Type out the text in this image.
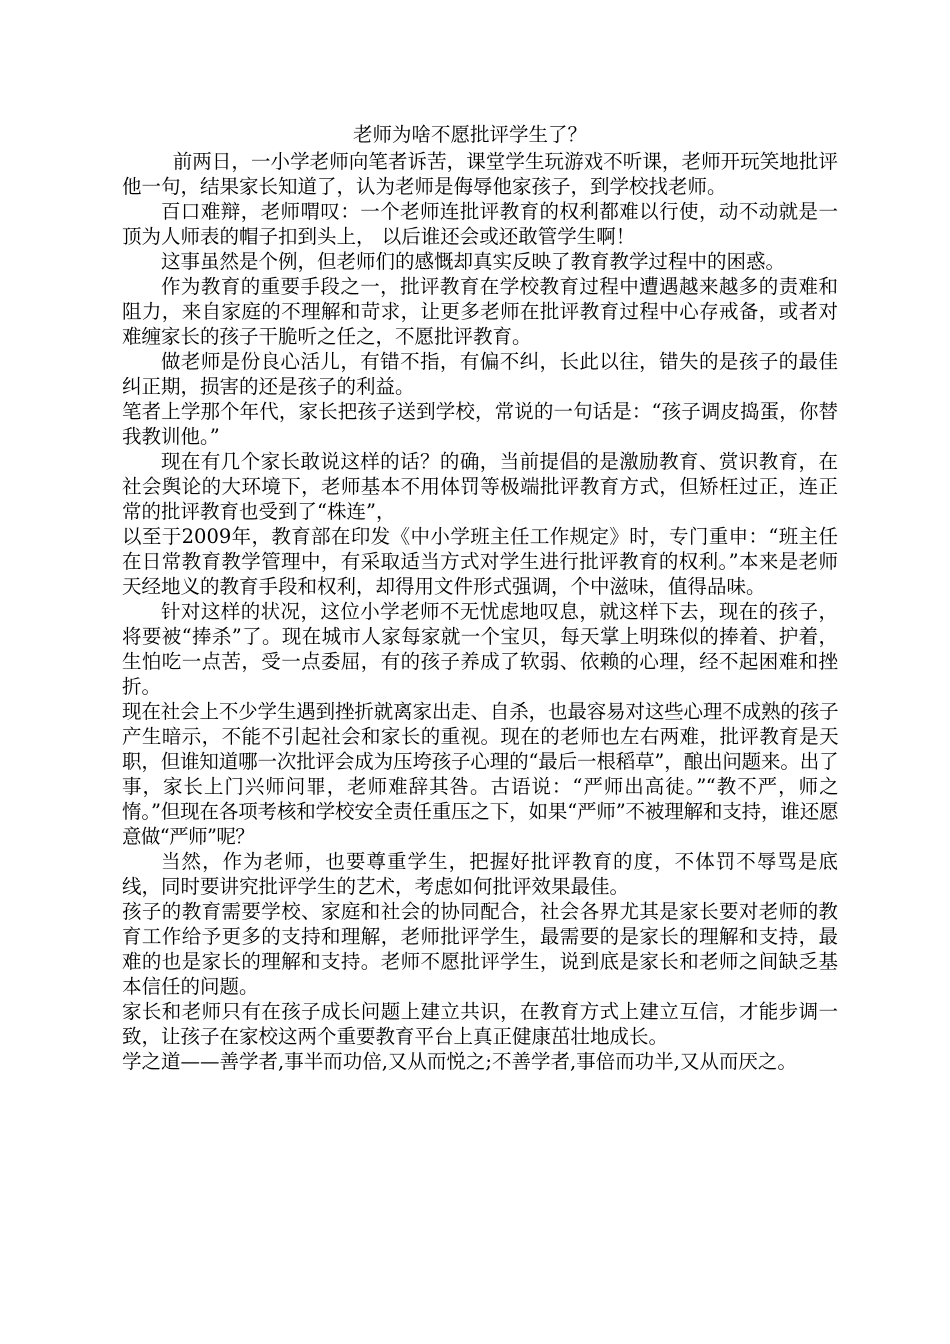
老师为啥不愿批评学生了？

前两日，一小学老师向笔者诉苦，课堂学生玩游戏不听课，老师开玩笑地批评他一句，结果家长知道了，认为老师是侮辱他家孩子，到学校找老师。

百口难辩，老师喟叹：一个老师连批评教育的权利都难以行使，动不动就是一顶为人师表的帽子扣到头上， 以后谁还会或还敢管学生啊！

这事虽然是个例，但老师们的感慨却真实反映了教育教学过程中的困惑。

作为教育的重要手段之一，批评教育在学校教育过程中遭遇越来越多的责难和阻力，来自家庭的不理解和苛求，让更多老师在批评教育过程中心存戒备，或者对难缠家长的孩子干脆听之任之，不愿批评教育。

做老师是份良心活儿，有错不指，有偏不纠，长此以往，错失的是孩子的最佳纠正期，损害的还是孩子的利益。

笔者上学那个年代，家长把孩子送到学校，常说的一句话是：“孩子调皮捣蛋，你替我教训他。”

现在有几个家长敢说这样的话？的确，当前提倡的是激励教育、赏识教育，在社会舆论的大环境下，老师基本不用体罚等极端批评教育方式，但矫枉过正，连正常的批评教育也受到了“株连”，

以至于2009年，教育部在印发《中小学班主任工作规定》时，专门重申：“班主任在日常教育教学管理中，有采取适当方式对学生进行批评教育的权利。”本来是老师天经地义的教育手段和权利，却得用文件形式强调，个中滋味，值得品味。

针对这样的状况，这位小学老师不无忧虑地叹息，就这样下去，现在的孩子，将要被“捧杀”了。现在城市人家每家就一个宝贝，每天掌上明珠似的捧着、护着，生怕吃一点苦，受一点委屈，有的孩子养成了软弱、依赖的心理，经不起困难和挫折。

现在社会上不少学生遇到挫折就离家出走、自杀，也最容易对这些心理不成熟的孩子产生暗示，不能不引起社会和家长的重视。现在的老师也左右两难，批评教育是天职，但谁知道哪一次批评会成为压垮孩子心理的“最后一根稻草”，酿出问题来。出了事，家长上门兴师问罪，老师难辞其咎。古语说：“严师出高徒。”“教不严，师之惰。”但现在各项考核和学校安全责任重压之下，如果“严师”不被理解和支持，谁还愿意做“严师”呢？

当然，作为老师，也要尊重学生，把握好批评教育的度，不体罚不辱骂是底线，同时要讲究批评学生的艺术，考虑如何批评效果最佳。

孩子的教育需要学校、家庭和社会的协同配合，社会各界尤其是家长要对老师的教育工作给予更多的支持和理解，老师批评学生，最需要的是家长的理解和支持，最难的也是家长的理解和支持。老师不愿批评学生，说到底是家长和老师之间缺乏基本信任的问题。

家长和老师只有在孩子成长问题上建立共识，在教育方式上建立互信，才能步调一致，让孩子在家校这两个重要教育平台上真正健康茁壮地成长。

学之道——善学者,事半而功倍,又从而悦之;不善学者,事倍而功半,又从而厌之。
